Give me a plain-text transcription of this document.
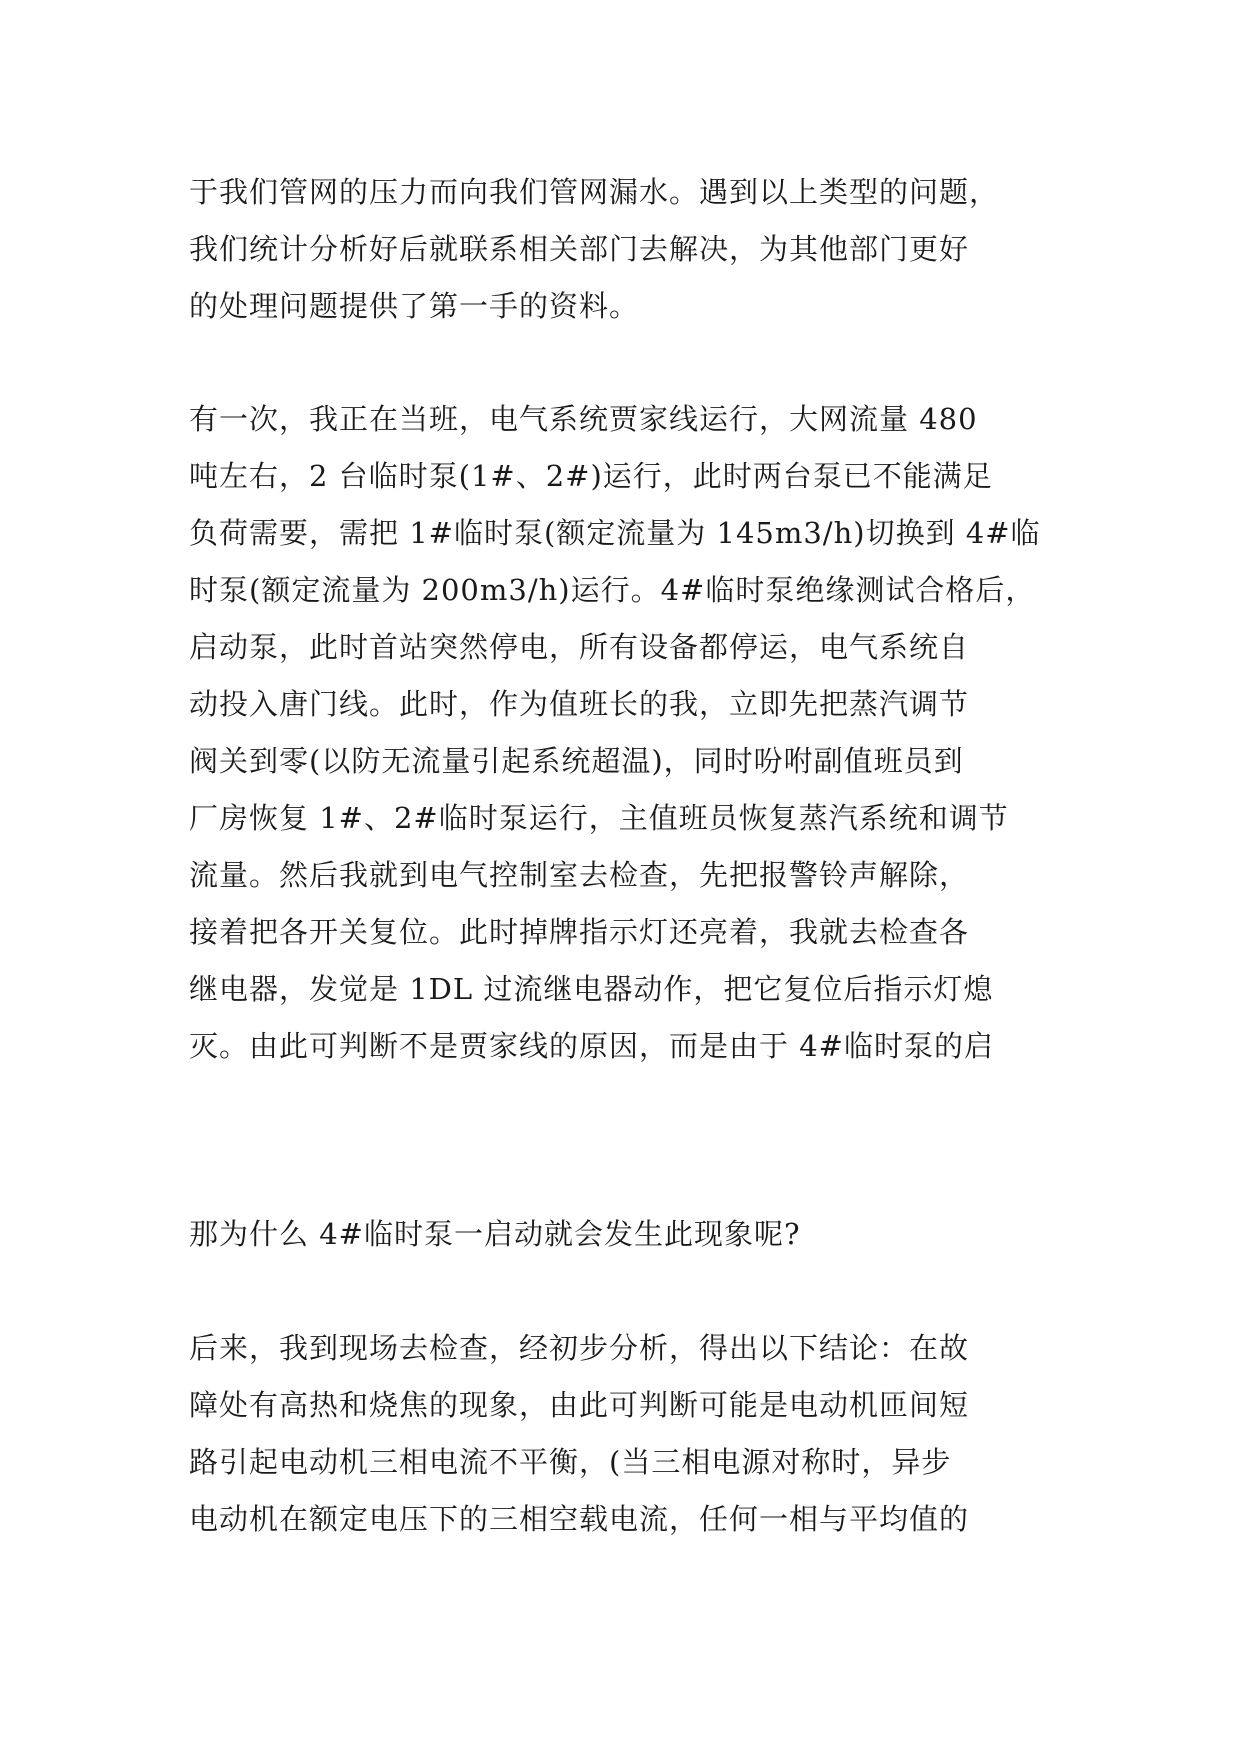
于我们管网的压力而向我们管网漏水。遇到以上类型的问题，
我们统计分析好后就联系相关部门去解决，为其他部门更好
的处理问题提供了第一手的资料。
有一次，我正在当班，电气系统贾家线运行，大网流量 480
吨左右，2 台临时泵(1#、2#)运行，此时两台泵已不能满足
负荷需要，需把 1#临时泵(额定流量为 145m3/h)切换到 4#临
时泵(额定流量为 200m3/h)运行。4#临时泵绝缘测试合格后，
启动泵，此时首站突然停电，所有设备都停运，电气系统自
动投入唐门线。此时，作为值班长的我，立即先把蒸汽调节
阀关到零(以防无流量引起系统超温)，同时吩咐副值班员到
厂房恢复 1#、2#临时泵运行，主值班员恢复蒸汽系统和调节
流量。然后我就到电气控制室去检查，先把报警铃声解除，
接着把各开关复位。此时掉牌指示灯还亮着，我就去检查各
继电器，发觉是 1DL 过流继电器动作，把它复位后指示灯熄
灭。由此可判断不是贾家线的原因，而是由于 4#临时泵的启
那为什么 4#临时泵一启动就会发生此现象呢?
后来，我到现场去检查，经初步分析，得出以下结论：在故
障处有高热和烧焦的现象，由此可判断可能是电动机匝间短
路引起电动机三相电流不平衡，(当三相电源对称时，异步
电动机在额定电压下的三相空载电流，任何一相与平均值的
